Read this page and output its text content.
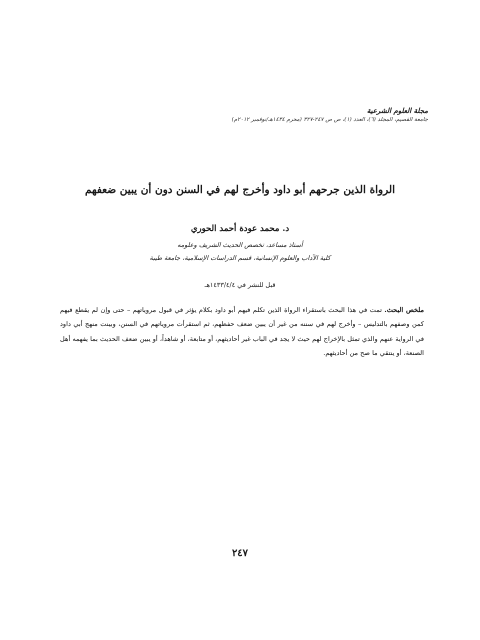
مجلة العلوم الشرعية
جامعة القصيم، المجلد (٦)، العدد (١)، ص ص ٢٤٧-٣٢٧ (محرم ١٤٣٤هـ/نوفمبر ٢٠١٢م)
الرواة الذين جرحهم أبو داود وأخرج لهم في السنن دون أن يبين ضعفهم
د. محمد عودة أحمد الحوري
أستاذ مساعد، تخصص الحديث الشريف وعلومه
كلية الآداب والعلوم الإنسانية، قسم الدراسات الإسلامية، جامعة طيبة
قبل للنشر في ١٤٣٣/٤/٤هـ
ملخص البحث. تمت في هذا البحث باستقراء الرواة الذين تكلم فيهم أبو داود بكلام يؤثر في قبول مروياتهم – حتى وإن لم يقطع فيهم كمن وصفهم بالتدليس – وأخرج لهم في سننه من غير أن يبين ضعف حفظهم، ثم استقرأت مروياتهم في السنن، وبينت منهج أبي داود في الرواية عنهم والذي تمثل بالإخراج لهم حيث لا يجد في الباب غير أحاديثهم، أو متابعة، أو شاهداً، أو يبين ضعف الحديث بما يفهمه أهل الصنعة، أو ينتقي ما صح من أحاديثهم.
٢٤٧
